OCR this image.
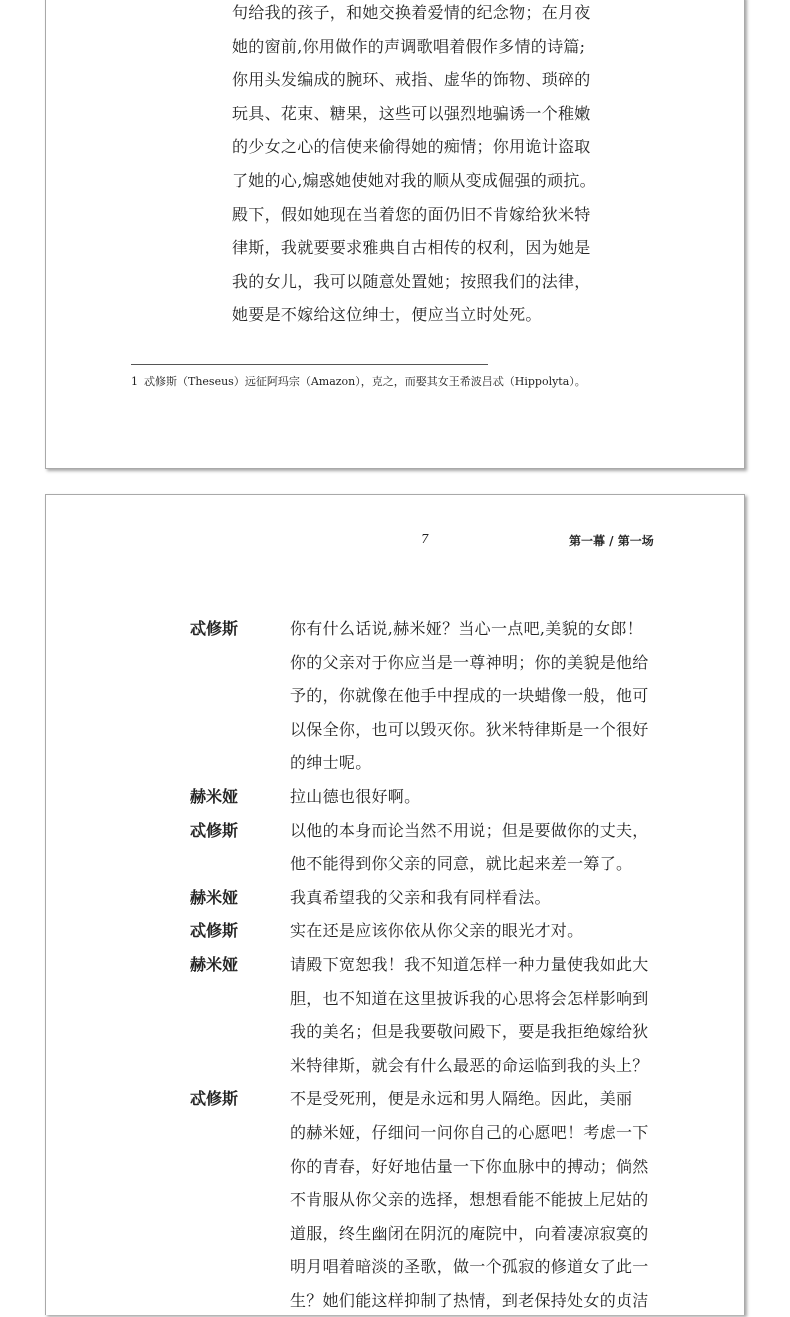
句给我的孩子，和她交换着爱情的纪念物；在月夜
她的窗前,你用做作的声调歌唱着假作多情的诗篇;
你用头发编成的腕环、戒指、虚华的饰物、琐碎的
玩具、花束、糖果，这些可以强烈地骗诱一个稚嫩
的少女之心的信使来偷得她的痴情；你用诡计盗取
了她的心,煽惑她使她对我的顺从变成倔强的顽抗。
殿下，假如她现在当着您的面仍旧不肯嫁给狄米特
律斯，我就要要求雅典自古相传的权利，因为她是
我的女儿，我可以随意处置她；按照我们的法律，
她要是不嫁给这位绅士，便应当立时处死。
1 忒修斯（Theseus）远征阿玛宗（Amazon），克之，而娶其女王希波吕忒（Hippolyta）。
7	第一幕 / 第一场
忒修斯	你有什么话说,赫米娅？当心一点吧,美貌的女郎！
你的父亲对于你应当是一尊神明；你的美貌是他给
予的，你就像在他手中捏成的一块蜡像一般，他可
以保全你，也可以毁灭你。狄米特律斯是一个很好
的绅士呢。
赫米娅	拉山德也很好啊。
忒修斯	以他的本身而论当然不用说；但是要做你的丈夫，
他不能得到你父亲的同意，就比起来差一筹了。
赫米娅	我真希望我的父亲和我有同样看法。
忒修斯	实在还是应该你依从你父亲的眼光才对。
赫米娅	请殿下宽恕我！我不知道怎样一种力量使我如此大
胆，也不知道在这里披诉我的心思将会怎样影响到
我的美名；但是我要敬问殿下，要是我拒绝嫁给狄
米特律斯，就会有什么最恶的命运临到我的头上？
忒修斯	不是受死刑，便是永远和男人隔绝。因此，美丽
的赫米娅，仔细问一问你自己的心愿吧！考虑一下
你的青春，好好地估量一下你血脉中的搏动；倘然
不肯服从你父亲的选择，想想看能不能披上尼姑的
道服，终生幽闭在阴沉的庵院中，向着凄凉寂寞的
明月唱着暗淡的圣歌，做一个孤寂的修道女了此一
生？她们能这样抑制了热情，到老保持处女的贞洁
